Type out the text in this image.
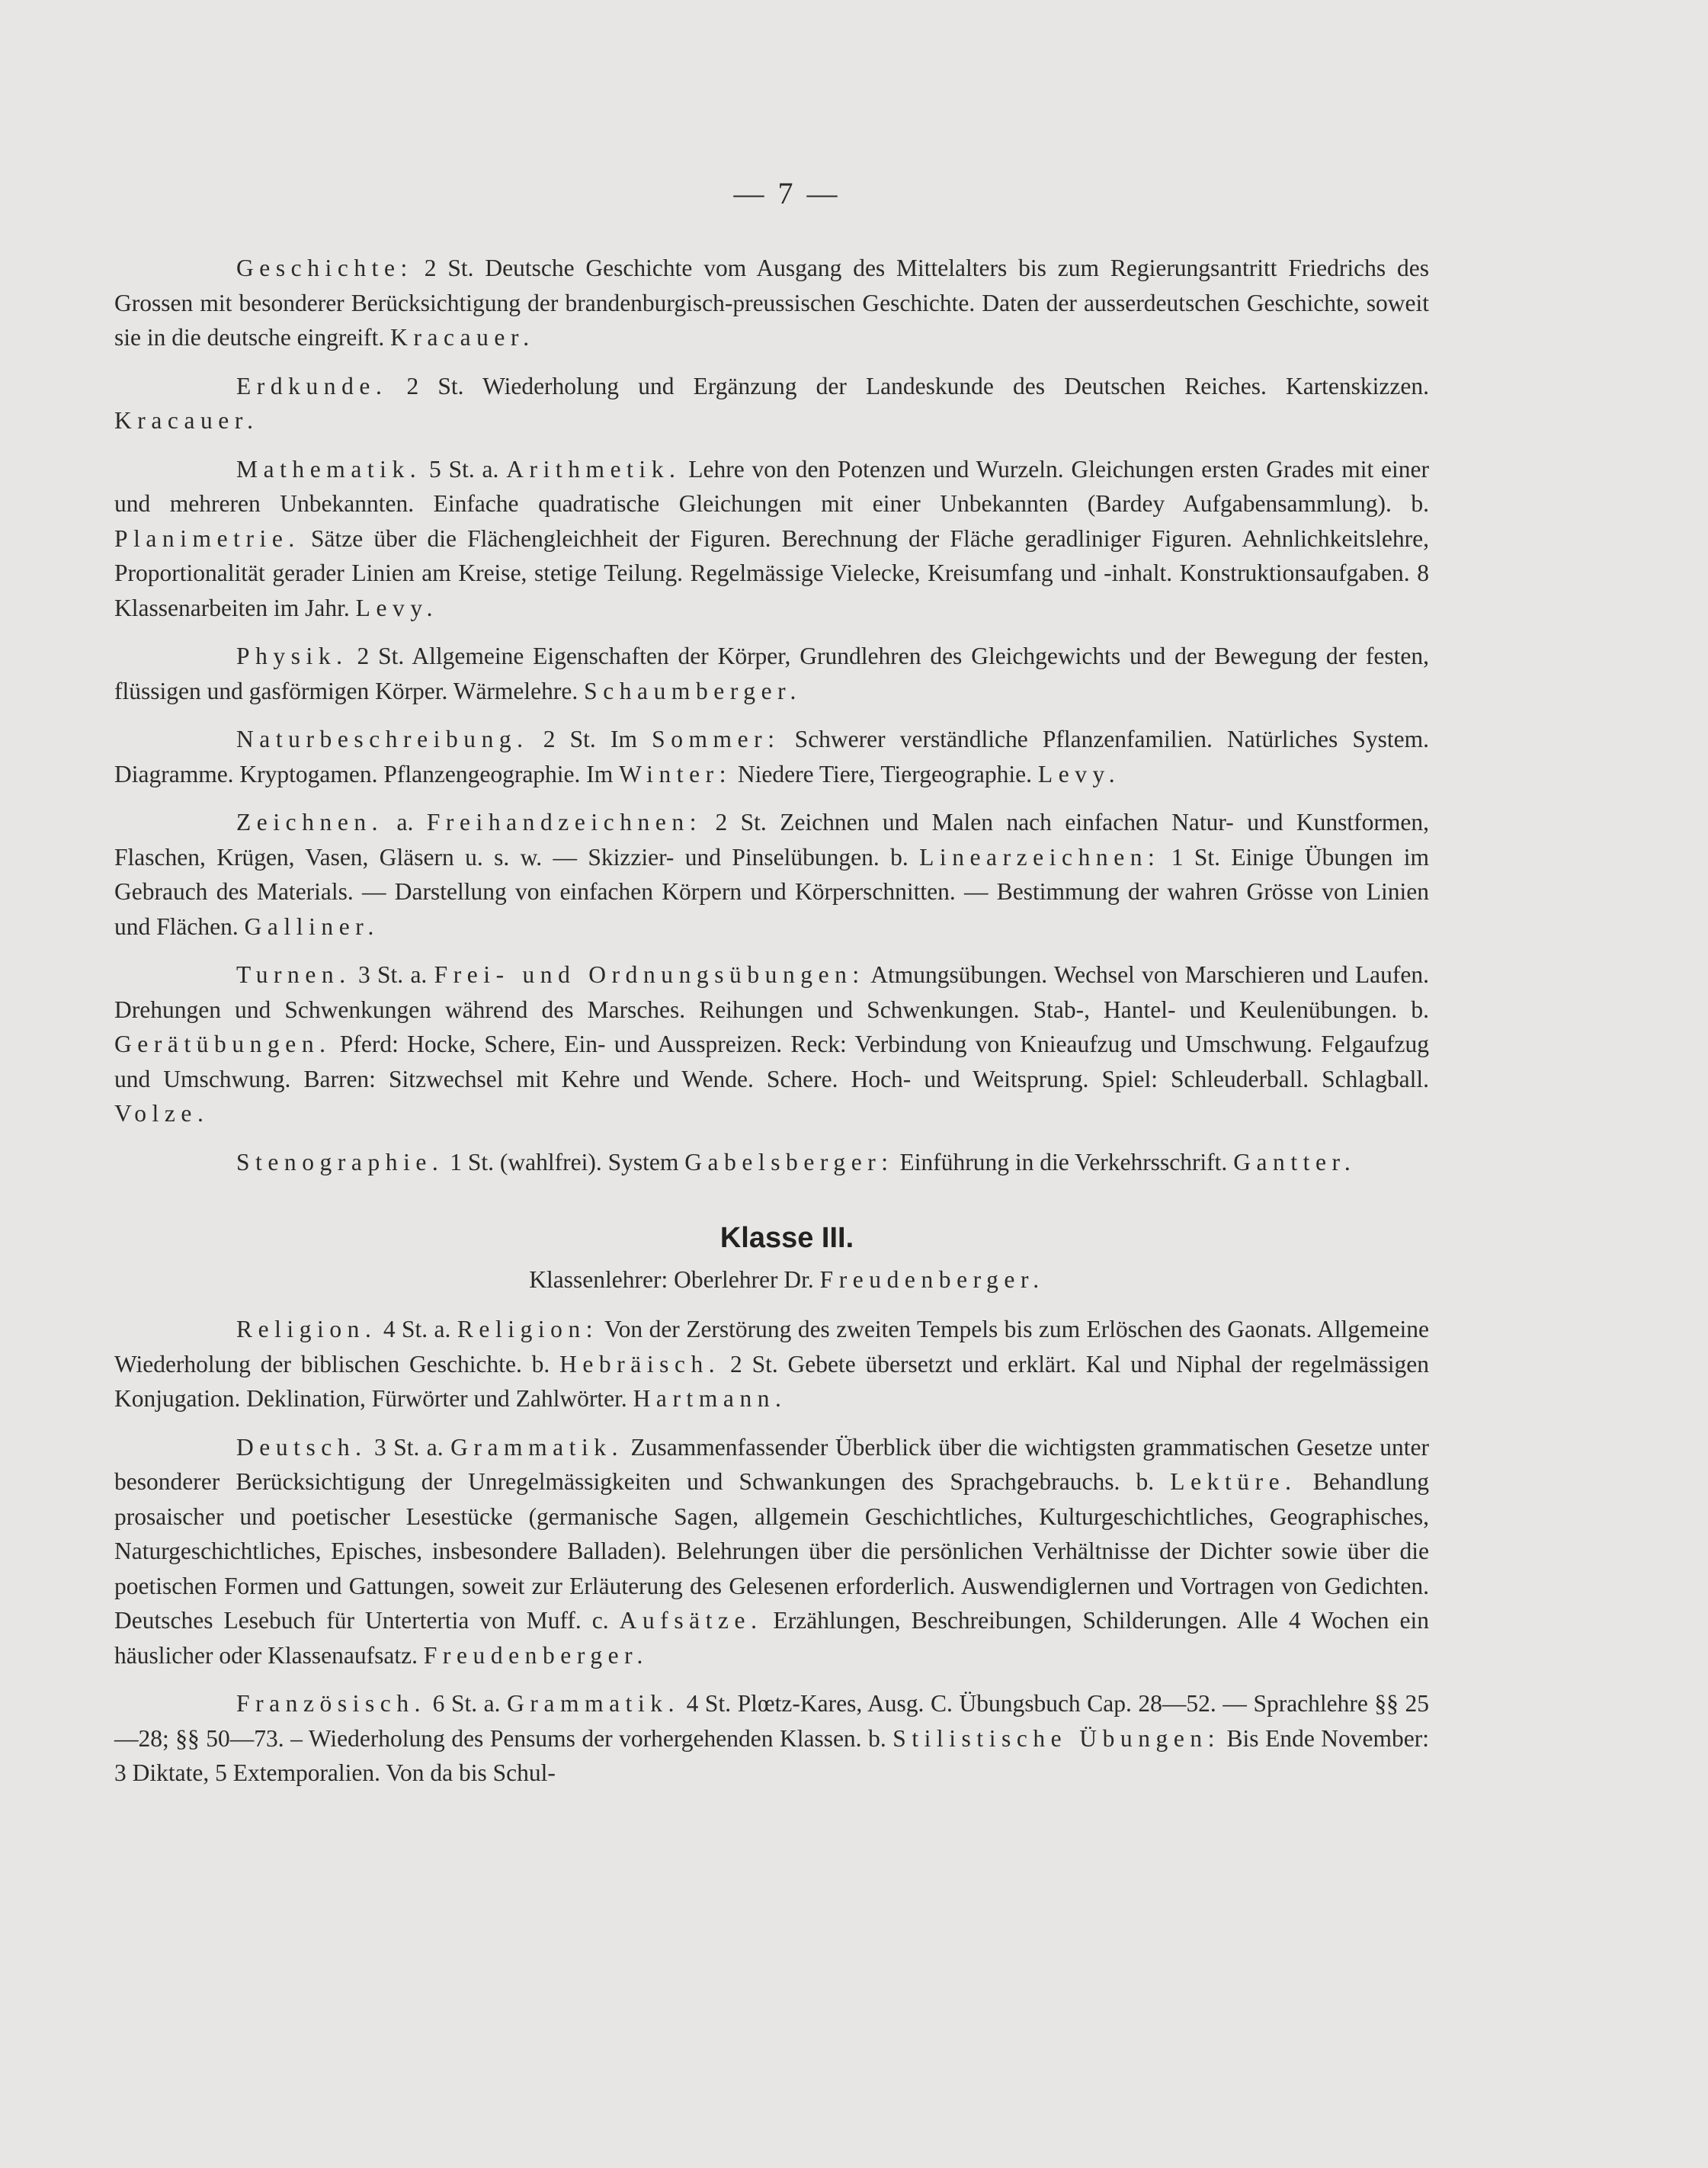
— 7 —

Geschichte: 2 St. Deutsche Geschichte vom Ausgang des Mittelalters bis zum Regierungsantritt Friedrichs des Grossen mit besonderer Berücksichtigung der brandenburgisch-preussischen Geschichte. Daten der ausserdeutschen Geschichte, soweit sie in die deutsche eingreift. Kracauer.

Erdkunde. 2 St. Wiederholung und Ergänzung der Landeskunde des Deutschen Reiches. Kartenskizzen. Kracauer.

Mathematik. 5 St. a. Arithmetik. Lehre von den Potenzen und Wurzeln. Gleichungen ersten Grades mit einer und mehreren Unbekannten. Einfache quadratische Gleichungen mit einer Unbekannten (Bardey Aufgabensammlung). b. Planimetrie. Sätze über die Flächengleichheit der Figuren. Berechnung der Fläche geradliniger Figuren. Aehnlichkeitslehre, Proportionalität gerader Linien am Kreise, stetige Teilung. Regelmässige Vielecke, Kreisumfang und -inhalt. Konstruktionsaufgaben. 8 Klassenarbeiten im Jahr. Levy.

Physik. 2 St. Allgemeine Eigenschaften der Körper, Grundlehren des Gleichgewichts und der Bewegung der festen, flüssigen und gasförmigen Körper. Wärmelehre. Schaumberger.

Naturbeschreibung. 2 St. Im Sommer: Schwerer verständliche Pflanzenfamilien. Natürliches System. Diagramme. Kryptogamen. Pflanzengeographie. Im Winter: Niedere Tiere, Tiergeographie. Levy.

Zeichnen. a. Freihandzeichnen: 2 St. Zeichnen und Malen nach einfachen Natur- und Kunstformen, Flaschen, Krügen, Vasen, Gläsern u. s. w. — Skizzier- und Pinselübungen. b. Linearzeichnen: 1 St. Einige Übungen im Gebrauch des Materials. — Darstellung von einfachen Körpern und Körperschnitten. — Bestimmung der wahren Grösse von Linien und Flächen. Galliner.

Turnen. 3 St. a. Frei- und Ordnungsübungen: Atmungsübungen. Wechsel von Marschieren und Laufen. Drehungen und Schwenkungen während des Marsches. Reihungen und Schwenkungen. Stab-, Hantel- und Keulenübungen. b. Gerätübungen. Pferd: Hocke, Schere, Ein- und Ausspreizen. Reck: Verbindung von Knieaufzug und Umschwung. Felgaufzug und Umschwung. Barren: Sitzwechsel mit Kehre und Wende. Schere. Hoch- und Weitsprung. Spiel: Schleuderball. Schlagball. Volze.

Stenographie. 1 St. (wahlfrei). System Gabelsberger: Einführung in die Verkehrsschrift. Gantter.

Klasse III.
Klassenlehrer: Oberlehrer Dr. Freudenberger.

Religion. 4 St. a. Religion: Von der Zerstörung des zweiten Tempels bis zum Erlöschen des Gaonats. Allgemeine Wiederholung der biblischen Geschichte. b. Hebräisch. 2 St. Gebete übersetzt und erklärt. Kal und Niphal der regelmässigen Konjugation. Deklination, Fürwörter und Zahlwörter. Hartmann.

Deutsch. 3 St. a. Grammatik. Zusammenfassender Überblick über die wichtigsten grammatischen Gesetze unter besonderer Berücksichtigung der Unregelmässigkeiten und Schwankungen des Sprachgebrauchs. b. Lektüre. Behandlung prosaischer und poetischer Lesestücke (germanische Sagen, allgemein Geschichtliches, Kulturgeschichtliches, Geographisches, Naturgeschichtliches, Episches, insbesondere Balladen). Belehrungen über die persönlichen Verhältnisse der Dichter sowie über die poetischen Formen und Gattungen, soweit zur Erläuterung des Gelesenen erforderlich. Auswendiglernen und Vortragen von Gedichten. Deutsches Lesebuch für Untertertia von Muff. c. Aufsätze. Erzählungen, Beschreibungen, Schilderungen. Alle 4 Wochen ein häuslicher oder Klassenaufsatz. Freudenberger.

Französisch. 6 St. a. Grammatik. 4 St. Plœtz-Kares, Ausg. C. Übungsbuch Cap. 28—52. — Sprachlehre §§ 25—28; §§ 50—73. – Wiederholung des Pensums der vorhergehenden Klassen. b. Stilistische Übungen: Bis Ende November: 3 Diktate, 5 Extemporalien. Von da bis Schul-
